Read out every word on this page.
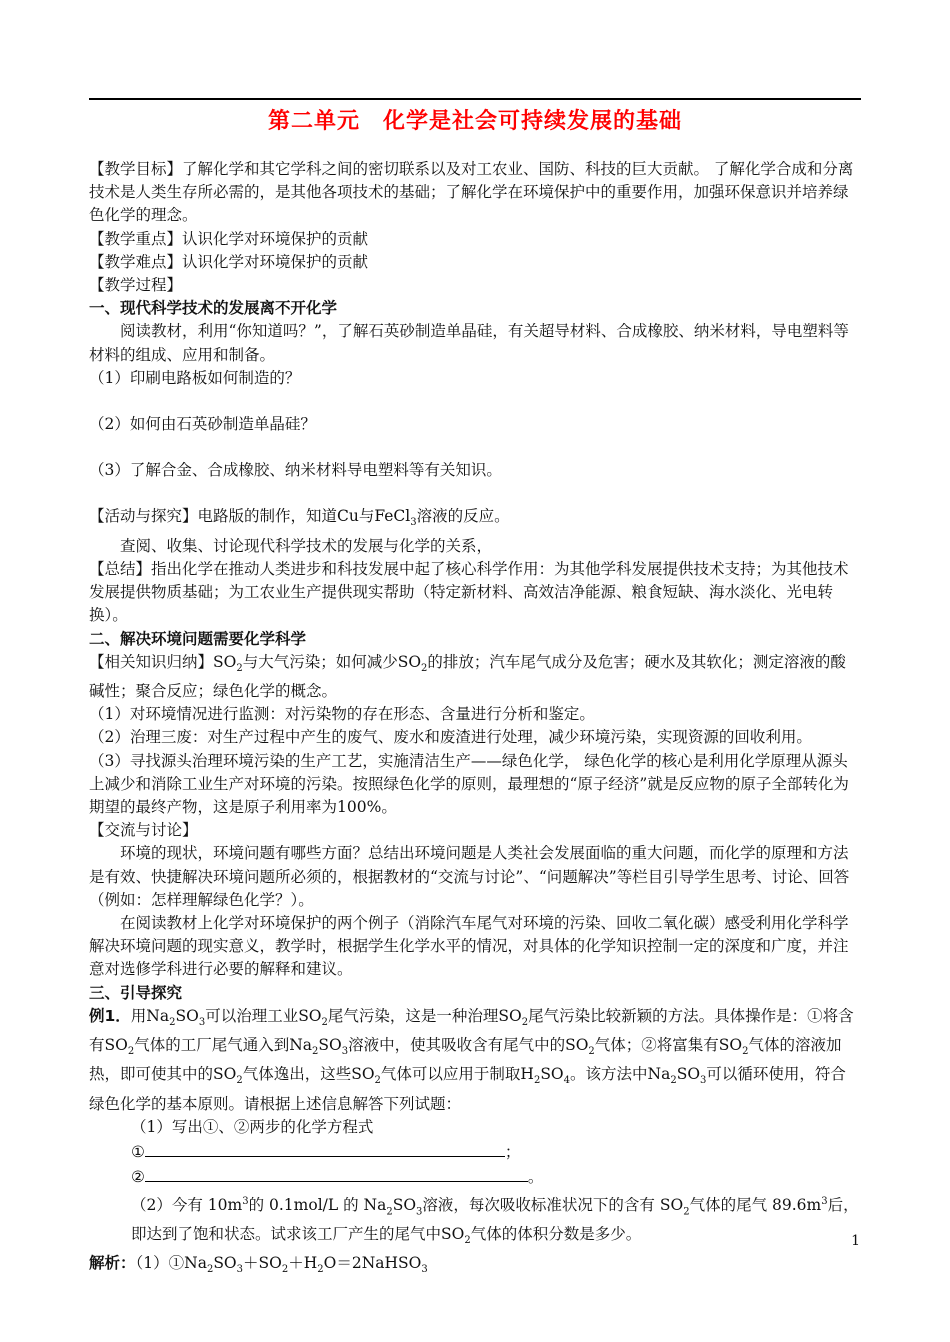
第二单元　化学是社会可持续发展的基础

【教学目标】了解化学和其它学科之间的密切联系以及对工农业、国防、科技的巨大贡献。 了解化学合成和分离技术是人类生存所必需的，是其他各项技术的基础；了解化学在环境保护中的重要作用，加强环保意识并培养绿色化学的理念。

【教学重点】认识化学对环境保护的贡献

【教学难点】认识化学对环境保护的贡献

【教学过程】

一、现代科学技术的发展离不开化学

阅读教材，利用“你知道吗？”，了解石英砂制造单晶硅，有关超导材料、合成橡胶、纳米材料，导电塑料等材料的组成、应用和制备。

（1）印刷电路板如何制造的？

（2）如何由石英砂制造单晶硅？

（3）了解合金、合成橡胶、纳米材料导电塑料等有关知识。

【活动与探究】电路版的制作，知道Cu与FeCl$_3$溶液的反应。

查阅、收集、讨论现代科学技术的发展与化学的关系，

【总结】指出化学在推动人类进步和科技发展中起了核心科学作用：为其他学科发展提供技术支持；为其他技术发展提供物质基础；为工农业生产提供现实帮助（特定新材料、高效洁净能源、粮食短缺、海水淡化、光电转换）。

二、解决环境问题需要化学科学

【相关知识归纳】$SO_2$与大气污染；如何减少$SO_2$的排放；汽车尾气成分及危害；硬水及其软化；测定溶液的酸碱性；聚合反应；绿色化学的概念。

（1）对环境情况进行监测：对污染物的存在形态、含量进行分析和鉴定。

（2）治理三废：对生产过程中产生的废气、废水和废渣进行处理，减少环境污染，实现资源的回收利用。

（3）寻找源头治理环境污染的生产工艺，实施清洁生产——绿色化学， 绿色化学的核心是利用化学原理从源头上减少和消除工业生产对环境的污染。按照绿色化学的原则，最理想的“原子经济”就是反应物的原子全部转化为期望的最终产物，这是原子利用率为100%。

【交流与讨论】

环境的现状，环境问题有哪些方面？总结出环境问题是人类社会发展面临的重大问题，而化学的原理和方法是有效、快捷解决环境问题所必须的，根据教材的“交流与讨论”、“问题解决”等栏目引导学生思考、讨论、回答（例如：怎样理解绿色化学？）。

在阅读教材上化学对环境保护的两个例子（消除汽车尾气对环境的污染、回收二氧化碳）感受利用化学科学解决环境问题的现实意义，教学时，根据学生化学水平的情况，对具体的化学知识控制一定的深度和广度，并注意对选修学科进行必要的解释和建议。

三、引导探究

例1．用$Na_2SO_3$可以治理工业$SO_2$尾气污染，这是一种治理$SO_2$尾气污染比较新颖的方法。具体操作是：①将含有$SO_2$气体的工厂尾气通入到$Na_2SO_3$溶液中，使其吸收含有尾气中的$SO_2$气体；②将富集有$SO_2$气体的溶液加热，即可使其中的$SO_2$气体逸出，这些$SO_2$气体可以应用于制取$H_2SO_4$。该方法中$Na_2SO_3$可以循环使用，符合绿色化学的基本原则。请根据上述信息解答下列试题：

（1）写出①、②两步的化学方程式

①	；

②	。

（2）今有 $10m^3$的 0.1mol/L 的 $Na_2SO_3$溶液，每次吸收标准状况下的含有 $SO_2$气体的尾气 $89.6m^3$后，即达到了饱和状态。试求该工厂产生的尾气中$SO_2$气体的体积分数是多少。

解析：$(1)①Na_2SO_3+SO_2+H_2O=2NaHSO_3$

1
